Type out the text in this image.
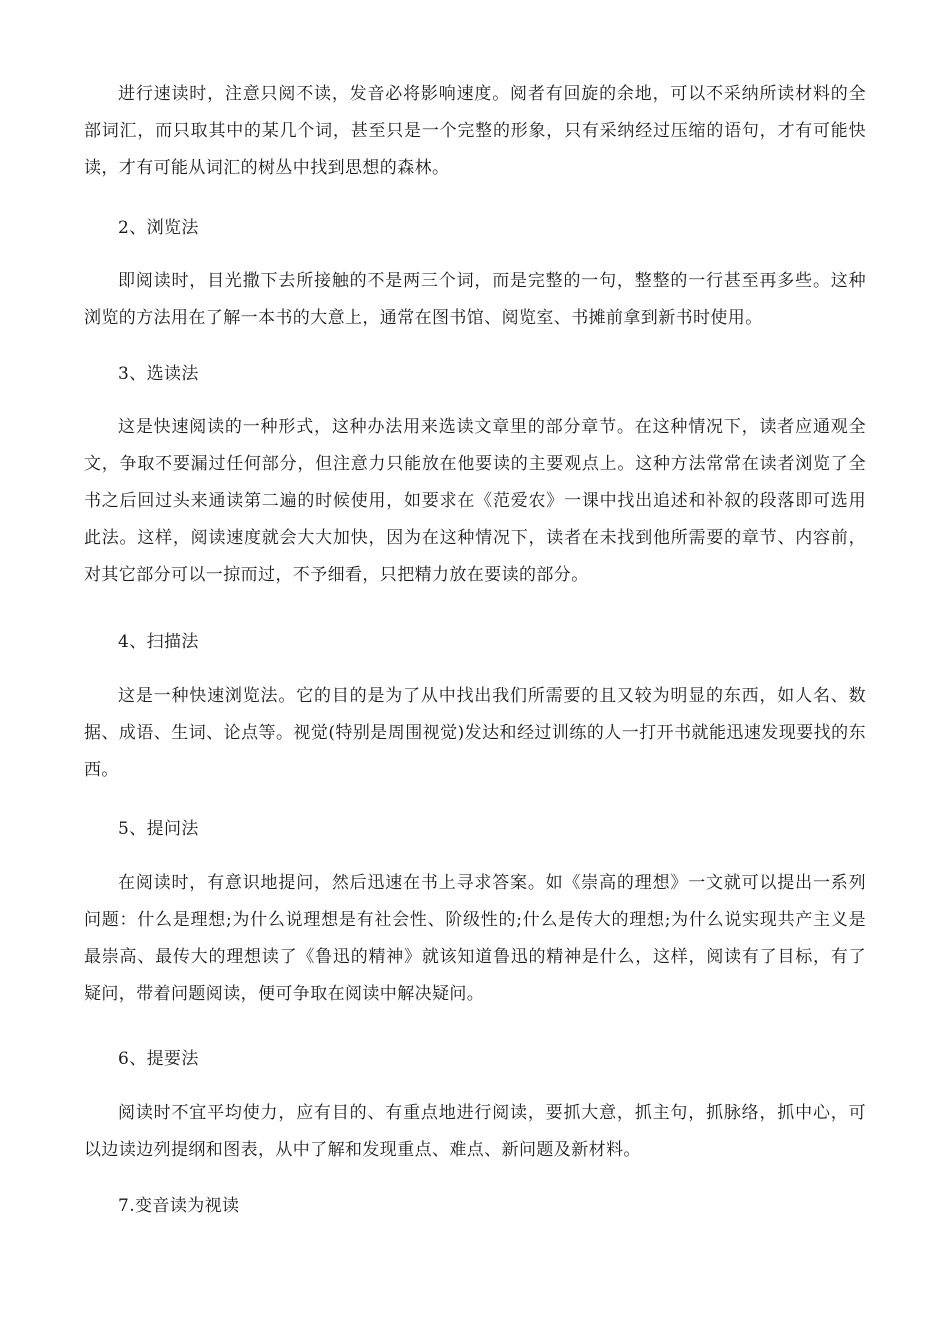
进行速读时，注意只阅不读，发音必将影响速度。阅者有回旋的余地，可以不采纳所读材料的全部词汇，而只取其中的某几个词，甚至只是一个完整的形象，只有采纳经过压缩的语句，才有可能快读，才有可能从词汇的树丛中找到思想的森林。

2、浏览法

即阅读时，目光撒下去所接触的不是两三个词，而是完整的一句，整整的一行甚至再多些。这种浏览的方法用在了解一本书的大意上，通常在图书馆、阅览室、书摊前拿到新书时使用。

3、选读法

这是快速阅读的一种形式，这种办法用来选读文章里的部分章节。在这种情况下，读者应通观全文，争取不要漏过任何部分，但注意力只能放在他要读的主要观点上。这种方法常常在读者浏览了全书之后回过头来通读第二遍的时候使用，如要求在《范爱农》一课中找出追述和补叙的段落即可选用此法。这样，阅读速度就会大大加快，因为在这种情况下，读者在未找到他所需要的章节、内容前，对其它部分可以一掠而过，不予细看，只把精力放在要读的部分。

4、扫描法

这是一种快速浏览法。它的目的是为了从中找出我们所需要的且又较为明显的东西，如人名、数据、成语、生词、论点等。视觉(特别是周围视觉)发达和经过训练的人一打开书就能迅速发现要找的东西。

5、提问法

在阅读时，有意识地提问，然后迅速在书上寻求答案。如《崇高的理想》一文就可以提出一系列问题：什么是理想;为什么说理想是有社会性、阶级性的;什么是传大的理想;为什么说实现共产主义是最崇高、最传大的理想读了《鲁迅的精神》就该知道鲁迅的精神是什么，这样，阅读有了目标，有了疑问，带着问题阅读，便可争取在阅读中解决疑问。

6、提要法

阅读时不宜平均使力，应有目的、有重点地进行阅读，要抓大意，抓主句，抓脉络，抓中心，可以边读边列提纲和图表，从中了解和发现重点、难点、新问题及新材料。

7.变音读为视读
